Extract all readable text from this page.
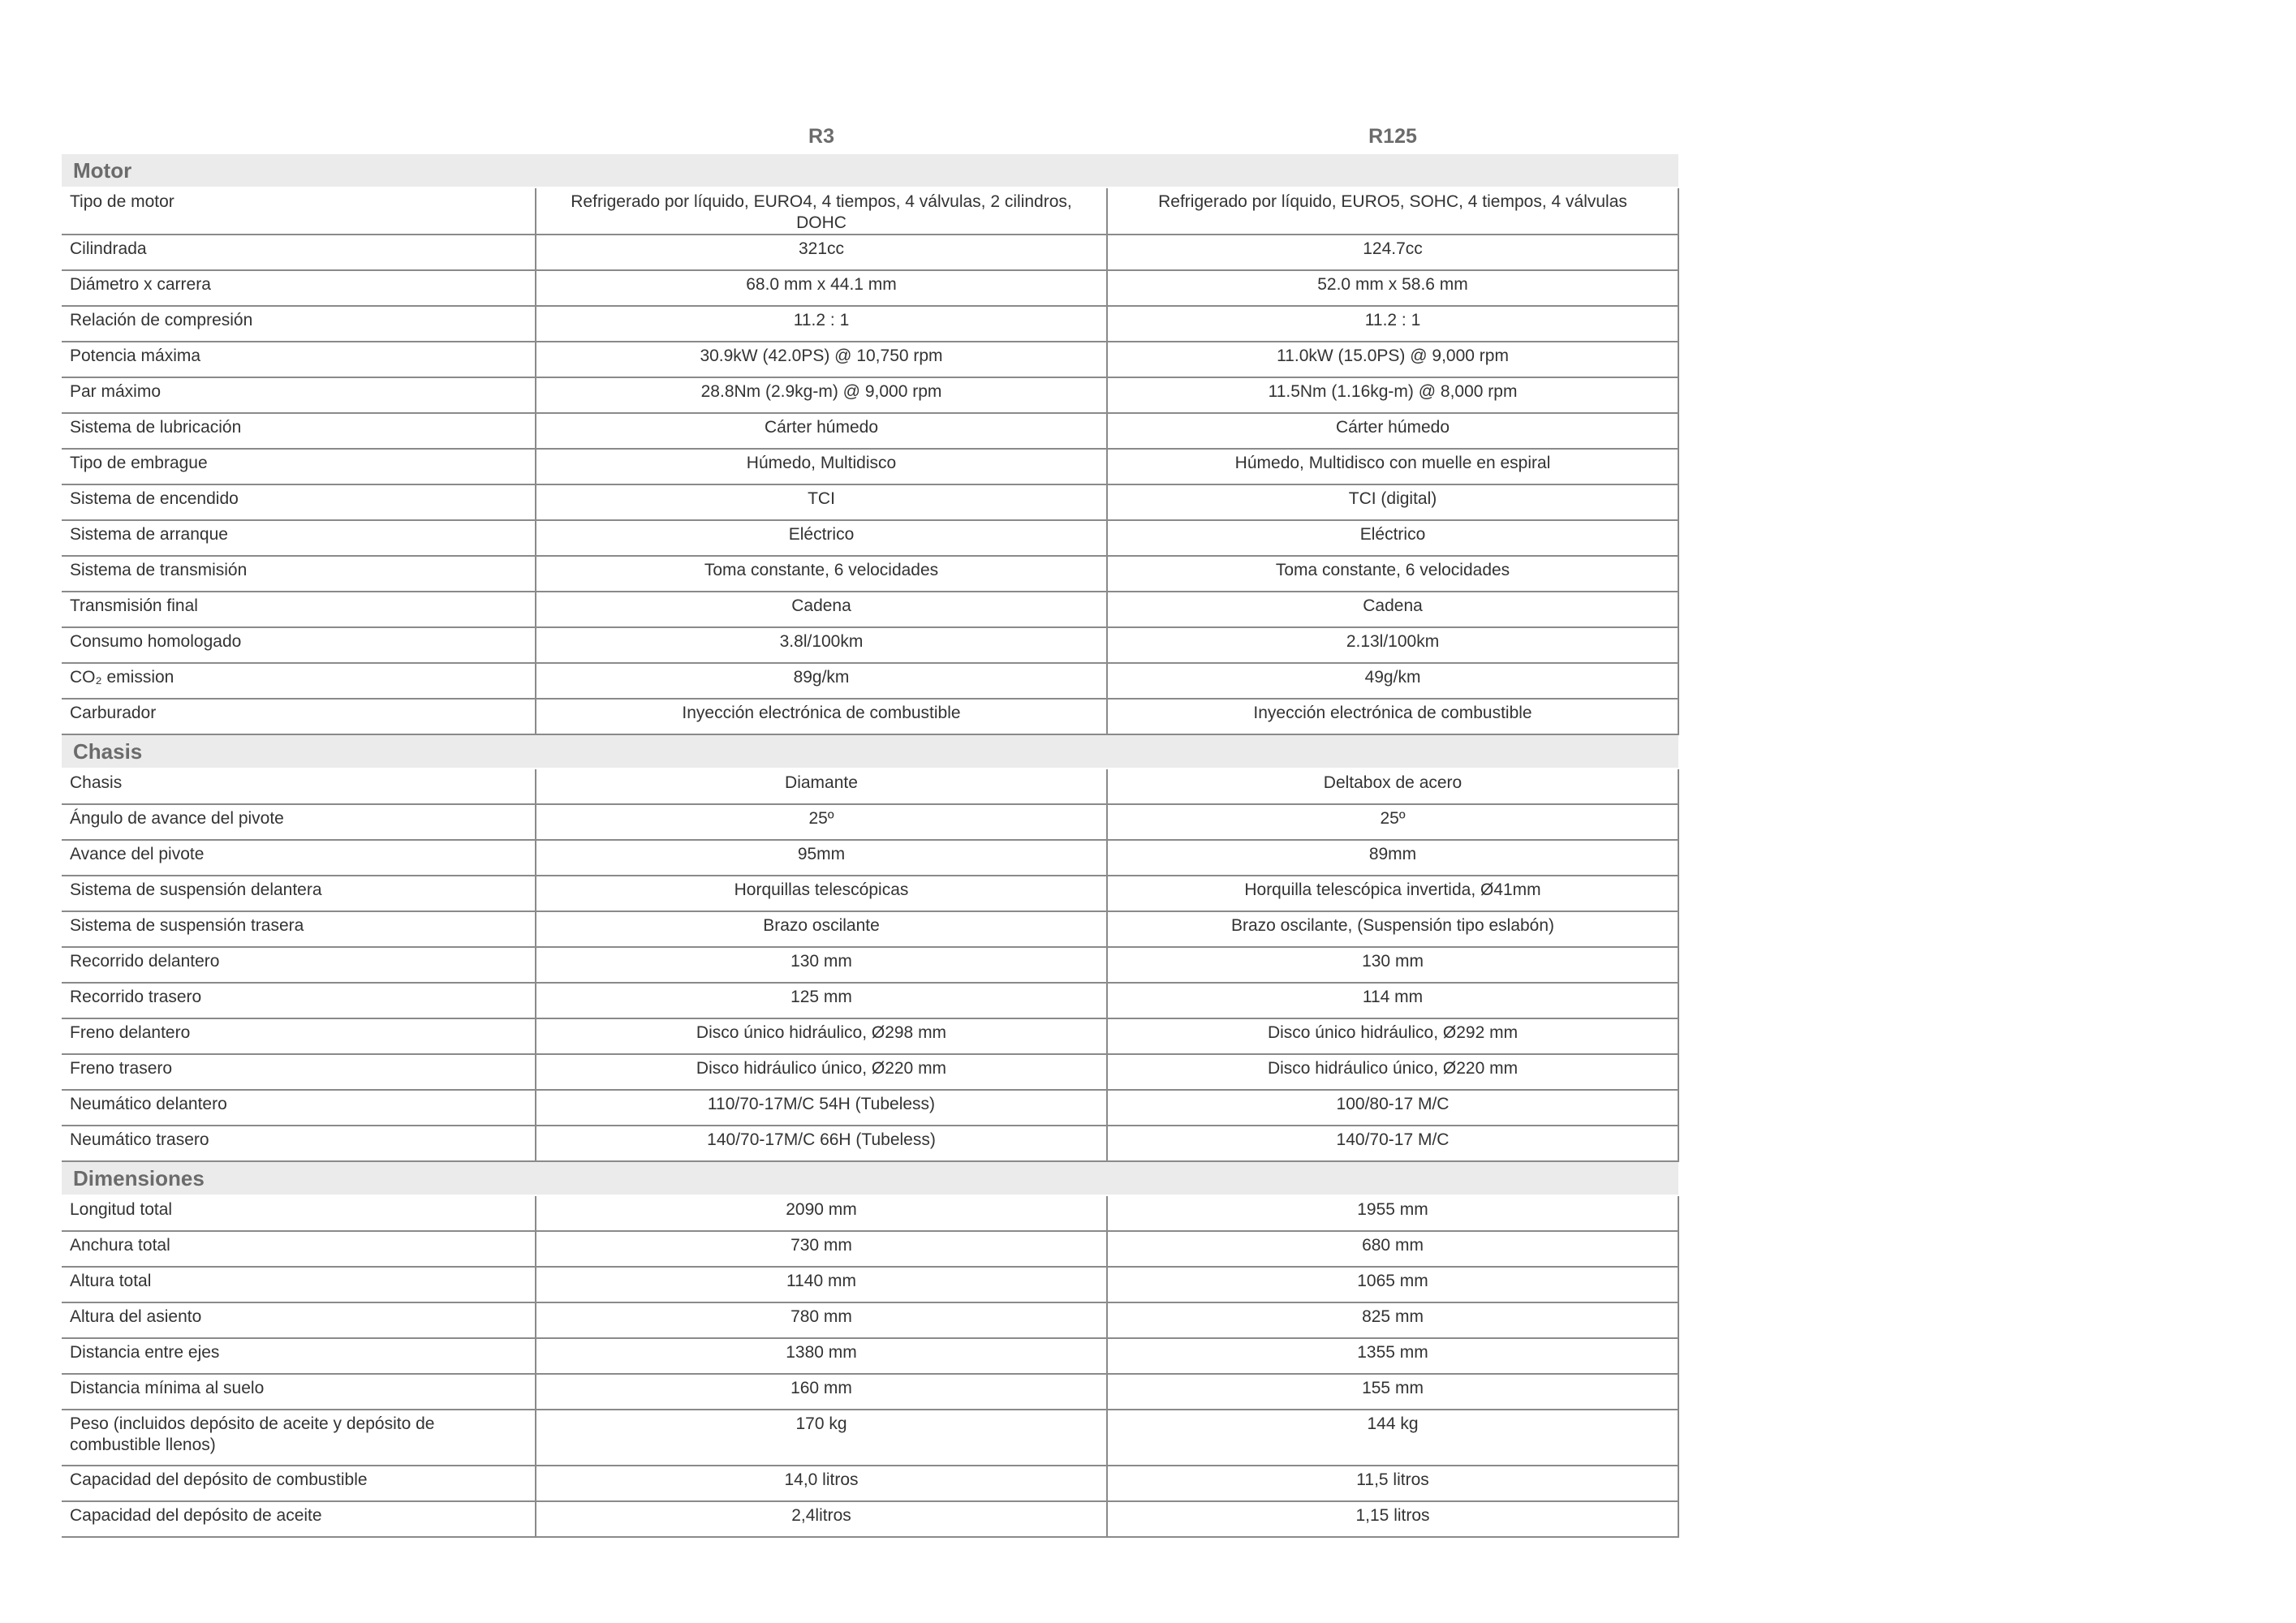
R3	R125
Motor		
Tipo de motor	Refrigerado por líquido, EURO4, 4 tiempos, 4 válvulas, 2 cilindros, DOHC	Refrigerado por líquido, EURO5, SOHC, 4 tiempos, 4 válvulas
Cilindrada	321cc	124.7cc
Diámetro x carrera	68.0 mm x 44.1 mm	52.0 mm x 58.6 mm
Relación de compresión	11.2 : 1	11.2 : 1
Potencia máxima	30.9kW (42.0PS) @ 10,750 rpm	11.0kW (15.0PS) @ 9,000 rpm
Par máximo	28.8Nm (2.9kg-m) @ 9,000 rpm	11.5Nm (1.16kg-m) @ 8,000 rpm
Sistema de lubricación	Cárter húmedo	Cárter húmedo
Tipo de embrague	Húmedo, Multidisco	Húmedo, Multidisco con muelle en espiral
Sistema de encendido	TCI	TCI (digital)
Sistema de arranque	Eléctrico	Eléctrico
Sistema de transmisión	Toma constante, 6 velocidades	Toma constante, 6 velocidades
Transmisión final	Cadena	Cadena
Consumo homologado	3.8l/100km	2.13l/100km
CO₂ emission	89g/km	49g/km
Carburador	Inyección electrónica de combustible	Inyección electrónica de combustible
Chasis		
Chasis	Diamante	Deltabox de acero
Ángulo de avance del pivote	25º	25º
Avance del pivote	95mm	89mm
Sistema de suspensión delantera	Horquillas telescópicas	Horquilla telescópica invertida, Ø41mm
Sistema de suspensión trasera	Brazo oscilante	Brazo oscilante, (Suspensión tipo eslabón)
Recorrido delantero	130 mm	130 mm
Recorrido trasero	125 mm	114 mm
Freno delantero	Disco único hidráulico, Ø298 mm	Disco único hidráulico, Ø292 mm
Freno trasero	Disco hidráulico único, Ø220 mm	Disco hidráulico único, Ø220 mm
Neumático delantero	110/70-17M/C 54H (Tubeless)	100/80-17 M/C
Neumático trasero	140/70-17M/C 66H (Tubeless)	140/70-17 M/C
Dimensiones		
Longitud total	2090 mm	1955 mm
Anchura total	730 mm	680 mm
Altura total	1140 mm	1065 mm
Altura del asiento	780 mm	825 mm
Distancia entre ejes	1380 mm	1355 mm
Distancia mínima al suelo	160 mm	155 mm
Peso (incluidos depósito de aceite y depósito de combustible llenos)	170 kg	144 kg
Capacidad del depósito de combustible	14,0 litros	11,5 litros
Capacidad del depósito de aceite	2,4litros	1,15 litros
